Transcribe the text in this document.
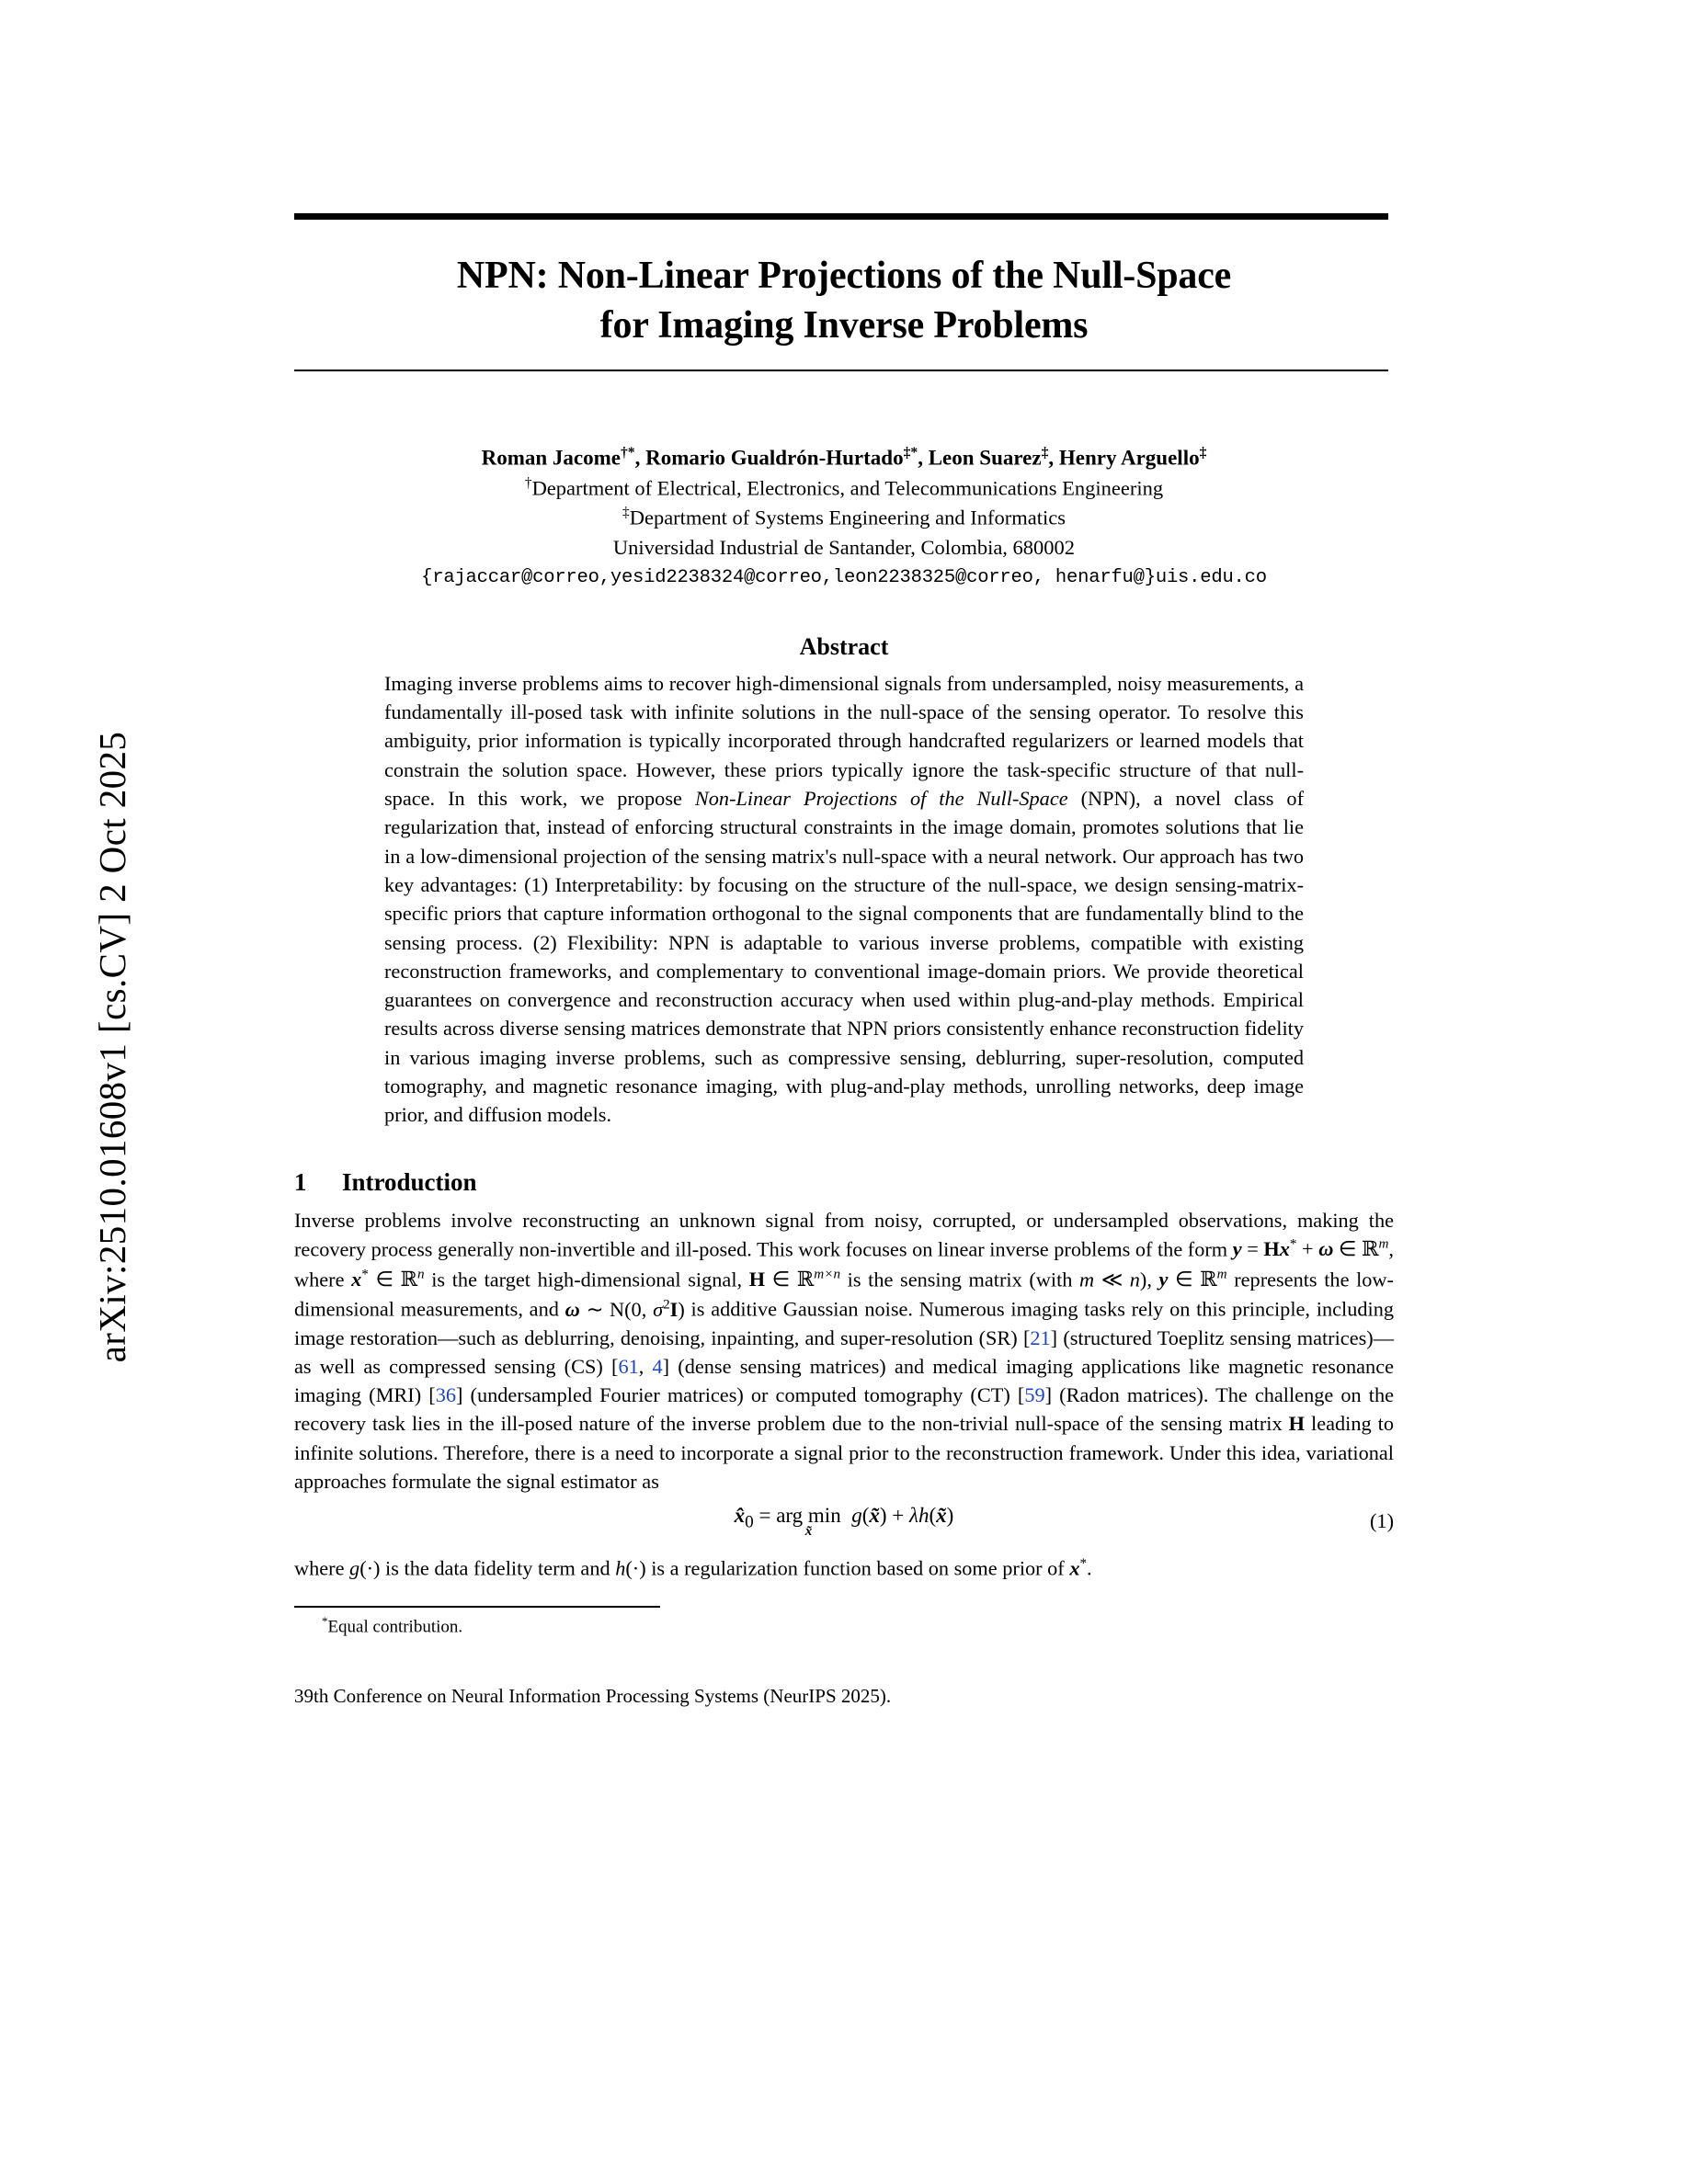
arXiv:2510.01608v1 [cs.CV] 2 Oct 2025
NPN: Non-Linear Projections of the Null-Space
for Imaging Inverse Problems
Roman Jacome†*, Romario Gualdrón-Hurtado‡*, Leon Suarez‡, Henry Arguello‡
†Department of Electrical, Electronics, and Telecommunications Engineering
‡Department of Systems Engineering and Informatics
Universidad Industrial de Santander, Colombia, 680002
{rajaccar@correo,yesid2238324@correo,leon2238325@correo, henarfu@}uis.edu.co
Abstract
Imaging inverse problems aims to recover high-dimensional signals from undersampled, noisy measurements, a fundamentally ill-posed task with infinite solutions in the null-space of the sensing operator. To resolve this ambiguity, prior information is typically incorporated through handcrafted regularizers or learned models that constrain the solution space. However, these priors typically ignore the task-specific structure of that null-space. In this work, we propose Non-Linear Projections of the Null-Space (NPN), a novel class of regularization that, instead of enforcing structural constraints in the image domain, promotes solutions that lie in a low-dimensional projection of the sensing matrix's null-space with a neural network. Our approach has two key advantages: (1) Interpretability: by focusing on the structure of the null-space, we design sensing-matrix-specific priors that capture information orthogonal to the signal components that are fundamentally blind to the sensing process. (2) Flexibility: NPN is adaptable to various inverse problems, compatible with existing reconstruction frameworks, and complementary to conventional image-domain priors. We provide theoretical guarantees on convergence and reconstruction accuracy when used within plug-and-play methods. Empirical results across diverse sensing matrices demonstrate that NPN priors consistently enhance reconstruction fidelity in various imaging inverse problems, such as compressive sensing, deblurring, super-resolution, computed tomography, and magnetic resonance imaging, with plug-and-play methods, unrolling networks, deep image prior, and diffusion models.
1 Introduction
Inverse problems involve reconstructing an unknown signal from noisy, corrupted, or undersampled observations, making the recovery process generally non-invertible and ill-posed. This work focuses on linear inverse problems of the form y = Hx* + ω ∈ ℝ$^m$, where x* ∈ ℝ$^n$ is the target high-dimensional signal, H ∈ ℝ$^{m\times n}$ is the sensing matrix (with m ≪ n), y ∈ ℝ$^m$ represents the low-dimensional measurements, and ω ∼ N(0, $\sigma^2I$) is additive Gaussian noise. Numerous imaging tasks rely on this principle, including image restoration—such as deblurring, denoising, inpainting, and super-resolution (SR) [21] (structured Toeplitz sensing matrices)—as well as compressed sensing (CS) [61, 4] (dense sensing matrices) and medical imaging applications like magnetic resonance imaging (MRI) [36] (undersampled Fourier matrices) or computed tomography (CT) [59] (Radon matrices). The challenge on the recovery task lies in the ill-posed nature of the inverse problem due to the non-trivial null-space of the sensing matrix H leading to infinite solutions. Therefore, there is a need to incorporate a signal prior to the reconstruction framework. Under this idea, variational approaches formulate the signal estimator as
$x̂_0$ = arg min
x̃
g(x̃) + λh(x̃)	(1)
where g(·) is the data fidelity term and h(·) is a regularization function based on some prior of x*.
*Equal contribution.
39th Conference on Neural Information Processing Systems (NeurIPS 2025).
